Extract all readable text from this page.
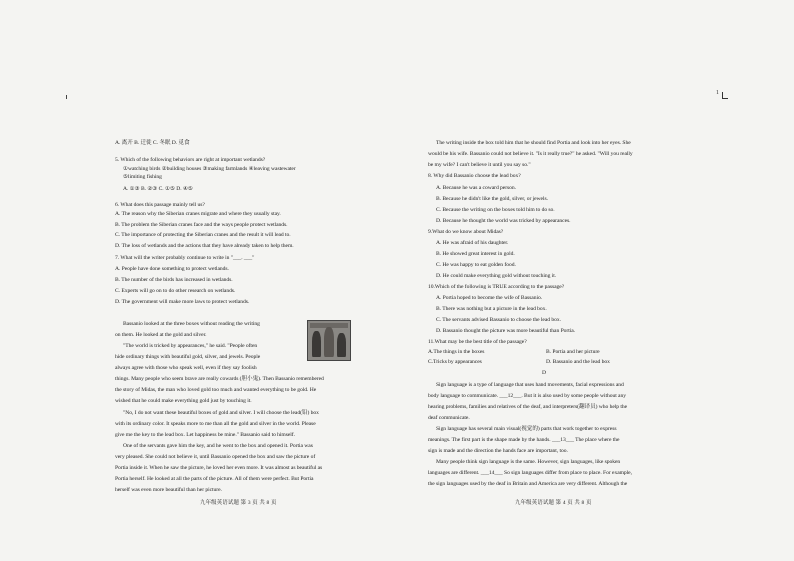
A. 离开 B. 迁徙 C. 冬眠 D. 觅食

5. Which of the following behaviors are right at important wetlands?

①watching birds ②building houses ③making farmlands ④leaving wastewater

⑤limiting fishing

A. ①③ B. ②③ C. ①⑤ D. ④⑤

6. What does this passage mainly tell us?

A. The reason why the Siberian cranes migrate and where they usually stay.

B. The problem the Siberian cranes face and the ways people protect wetlands.

C. The importance of protecting the Siberian cranes and the result it will lead to.

D. The loss of wetlands and the actions that they have already taken to help them.

7. What will the writer probably continue to write in "___. ___"

A. People have done something to protect wetlands.

B. The number of the birds has increased in wetlands.

C. Experts will go on to do other research on wetlands.

D. The government will make more laws to protect wetlands.

Bassanio looked at the three boxes without reading the writing

on them. He looked at the gold and silver.

"The world is tricked by appearances," he said. "People often

hide ordinary things with beautiful gold, silver, and jewels. People

always agree with those who speak well, even if they say foolish

things. Many people who seem brave are really cowards (胆小鬼). Then Bassanio remembered

the story of Midas, the man who loved gold too much and wanted everything to be gold. He

wished that he could make everything gold just by touching it.

"No, I do not want these beautiful boxes of gold and silver. I will choose the lead(铅) box

with its ordinary color. It speaks more to me than all the gold and silver in the world. Please

give me the key to the lead box. Let happiness be mine." Bassanio said to himself.

One of the servants gave him the key, and he went to the box and opened it. Portia was

very pleased. She could not believe it, until Bassanio opened the box and saw the picture of

Portia inside it. When he saw the picture, he loved her even more. It was almost as beautiful as

Portia herself. He looked at all the parts of the picture. All of them were perfect. But Portia

herself was even more beautiful than her picture.

九年级英语试题 第 3 页 共 8 页

The writing inside the box told him that he should find Portia and look into her eyes. She

would be his wife. Bassanio could not believe it. "Is it really true?" he asked. "Will you really

be my wife? I can't believe it until you say so."

8. Why did Bassanio choose the lead box?

A. Because he was a coward person.

B. Because he didn't like the gold, silver, or jewels.

C. Because the writing on the boxes told him to do so.

D. Because he thought the world was tricked by appearances.

9.What do we know about Midas?

A. He was afraid of his daughter.

B. He showed great interest in gold.

C. He was happy to eat golden food.

D. He could make everything gold without touching it.

10.Which of the following is TRUE according to the passage?

A. Portia hoped to become the wife of Bassanio.

B. There was nothing but a picture in the lead box.

C. The servants advised Bassanio to choose the lead box.

D. Bassanio thought the picture was more beautiful than Portia.

11.What may be the best title of the passage?

A.The things in the boxes	B. Portia and her picture
C.Tricks by appearances	D. Bassanio and the lead box

D

Sign language is a type of language that uses hand movements, facial expressions and

body language to communicate. ___12___. But it is also used by some people without any

hearing problems, families and relatives of the deaf, and interpreters(翻译员) who help the

deaf communicate.

Sign language has several main visual(视觉的) parts that work together to express

meanings. The first part is the shape made by the hands. ___13___ The place where the

sign is made and the direction the hands face are important, too.

Many people think sign language is the same. However, sign languages, like spoken

languages are different. ___14___ So sign languages differ from place to place. For example,

the sign languages used by the deaf in Britain and America are very different. Although the

九年级英语试题 第 4 页 共 8 页
1
